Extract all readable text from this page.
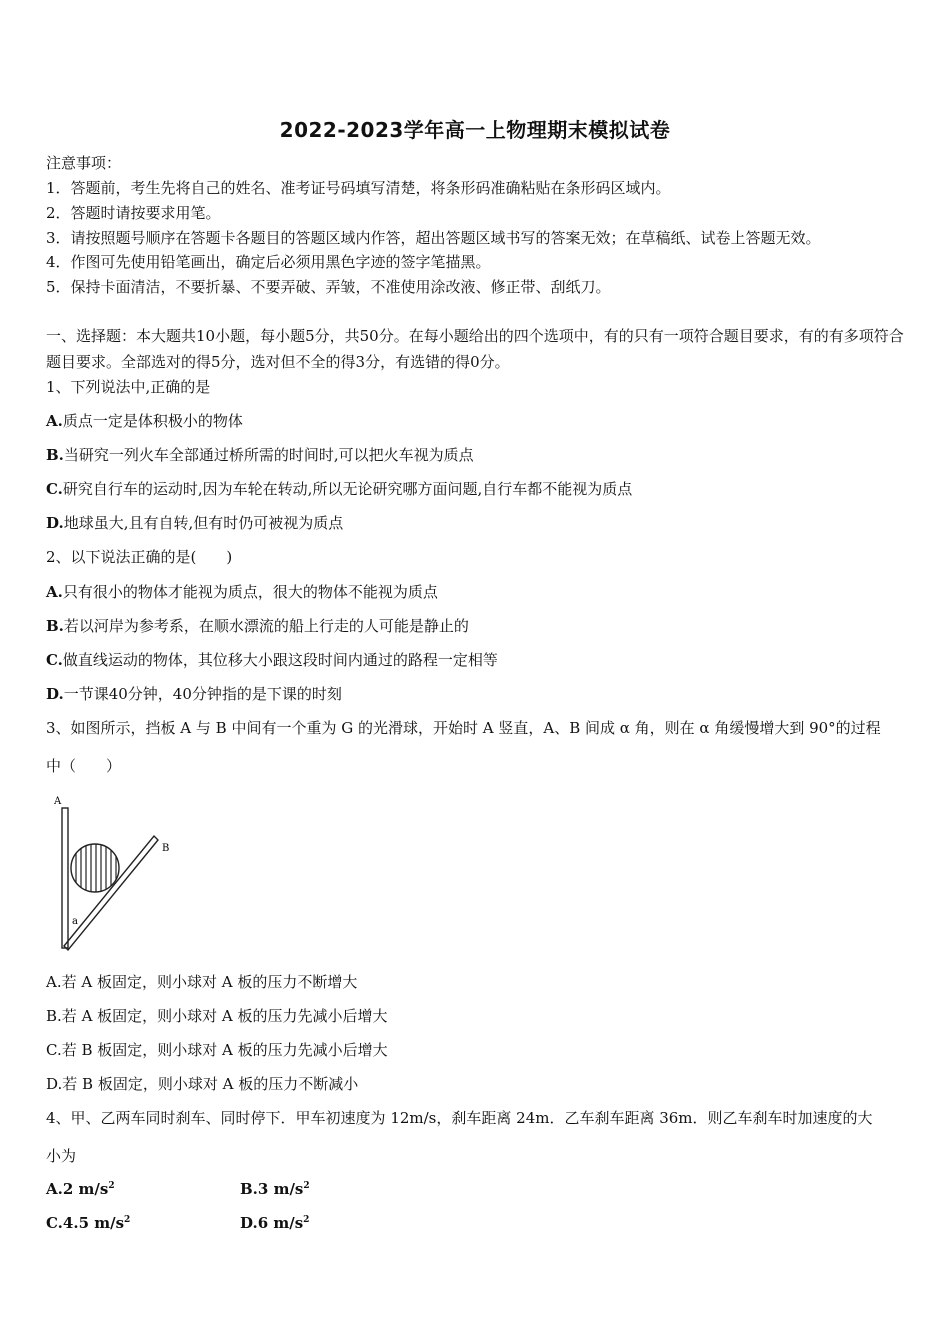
2022-2023学年高一上物理期末模拟试卷
注意事项：
1．答题前，考生先将自己的姓名、准考证号码填写清楚，将条形码准确粘贴在条形码区域内。
2．答题时请按要求用笔。
3．请按照题号顺序在答题卡各题目的答题区域内作答，超出答题区域书写的答案无效；在草稿纸、试卷上答题无效。
4．作图可先使用铅笔画出，确定后必须用黑色字迹的签字笔描黑。
5．保持卡面清洁，不要折暴、不要弄破、弄皱，不准使用涂改液、修正带、刮纸刀。
一、选择题：本大题共10小题，每小题5分，共50分。在每小题给出的四个选项中，有的只有一项符合题目要求，有的有多项符合题目要求。全部选对的得5分，选对但不全的得3分，有选错的得0分。
1、下列说法中,正确的是
A.质点一定是体积极小的物体
B.当研究一列火车全部通过桥所需的时间时,可以把火车视为质点
C.研究自行车的运动时,因为车轮在转动,所以无论研究哪方面问题,自行车都不能视为质点
D.地球虽大,且有自转,但有时仍可被视为质点
2、以下说法正确的是(　　)
A.只有很小的物体才能视为质点，很大的物体不能视为质点
B.若以河岸为参考系，在顺水漂流的船上行走的人可能是静止的
C.做直线运动的物体，其位移大小跟这段时间内通过的路程一定相等
D.一节课40分钟，40分钟指的是下课的时刻
3、如图所示，挡板 A 与 B 中间有一个重为 G 的光滑球，开始时 A 竖直，A、B 间成 α 角，则在 α 角缓慢增大到 90°的过程
中（　　）
A
B
a
A.若 A 板固定，则小球对 A 板的压力不断增大
B.若 A 板固定，则小球对 A 板的压力先减小后增大
C.若 B 板固定，则小球对 A 板的压力先减小后增大
D.若 B 板固定，则小球对 A 板的压力不断减小
4、甲、乙两车同时刹车、同时停下．甲车初速度为 12m/s，刹车距离 24m．乙车刹车距离 36m．则乙车刹车时加速度的大
小为
A.2 $m/s^2$	B.3 $m/s^2$
C.4.5 $m/s^2$	D.6 $m/s^2$
